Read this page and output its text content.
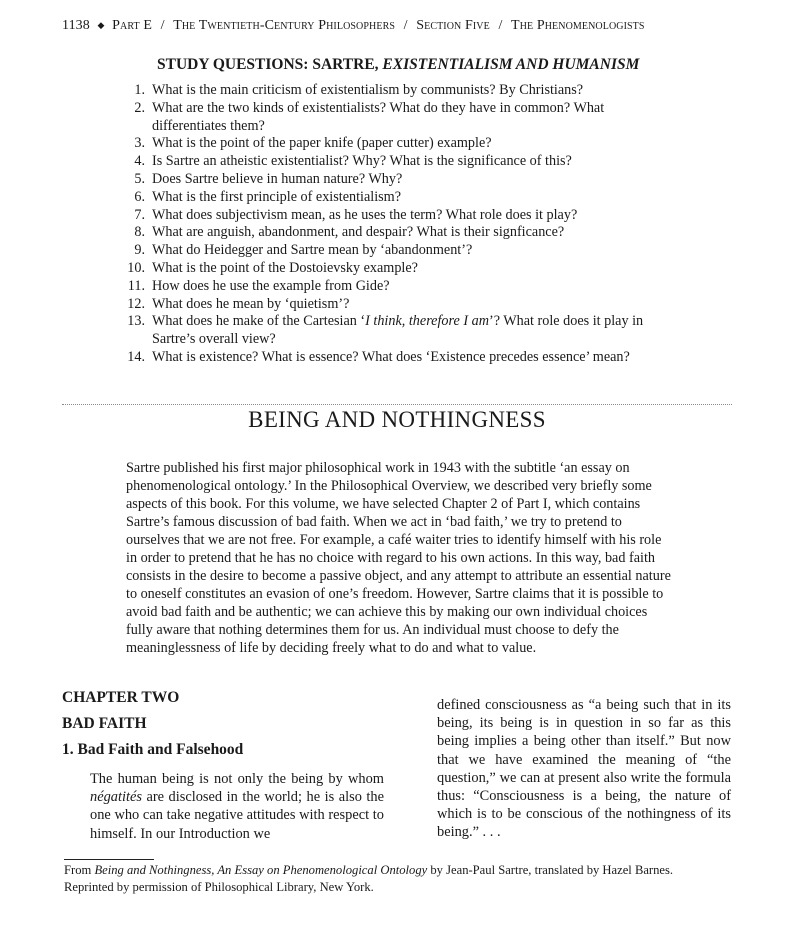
1138 ◆ Part E / The Twentieth-Century Philosophers / Section Five / The Phenomenologists
STUDY QUESTIONS: SARTRE, EXISTENTIALISM AND HUMANISM
1. What is the main criticism of existentialism by communists? By Christians?
2. What are the two kinds of existentialists? What do they have in common? What differentiates them?
3. What is the point of the paper knife (paper cutter) example?
4. Is Sartre an atheistic existentialist? Why? What is the significance of this?
5. Does Sartre believe in human nature? Why?
6. What is the first principle of existentialism?
7. What does subjectivism mean, as he uses the term? What role does it play?
8. What are anguish, abandonment, and despair? What is their signficance?
9. What do Heidegger and Sartre mean by ‘abandonment’?
10. What is the point of the Dostoievsky example?
11. How does he use the example from Gide?
12. What does he mean by ‘quietism’?
13. What does he make of the Cartesian ‘I think, therefore I am’? What role does it play in Sartre’s overall view?
14. What is existence? What is essence? What does ‘Existence precedes essence’ mean?
BEING AND NOTHINGNESS

Sartre published his first major philosophical work in 1943 with the subtitle ‘an essay on phenomenological ontology.’ In the Philosophical Overview, we described very briefly some aspects of this book. For this volume, we have selected Chapter 2 of Part I, which contains Sartre’s famous discussion of bad faith. When we act in ‘bad faith,’ we try to pretend to ourselves that we are not free. For example, a café waiter tries to identify himself with his role in order to pretend that he has no choice with regard to his own actions. In this way, bad faith consists in the desire to become a passive object, and any attempt to attribute an essential nature to oneself constitutes an evasion of one’s freedom. However, Sartre claims that it is possible to avoid bad faith and be authentic; we can achieve this by making our own individual choices fully aware that nothing determines them for us. An individual must choose to defy the meaninglessness of life by deciding freely what to do and what to value.

CHAPTER TWO
BAD FAITH
1. Bad Faith and Falsehood

The human being is not only the being by whom négatités are disclosed in the world; he is also the one who can take negative attitudes with respect to himself. In our Introduction we

defined consciousness as “a being such that in its being, its being is in question in so far as this being implies a being other than itself.” But now that we have examined the meaning of “the question,” we can at present also write the formula thus: “Consciousness is a being, the nature of which is to be conscious of the nothingness of its being.” . . .

From Being and Nothingness, An Essay on Phenomenological Ontology by Jean-Paul Sartre, translated by Hazel Barnes.

Reprinted by permission of Philosophical Library, New York.
